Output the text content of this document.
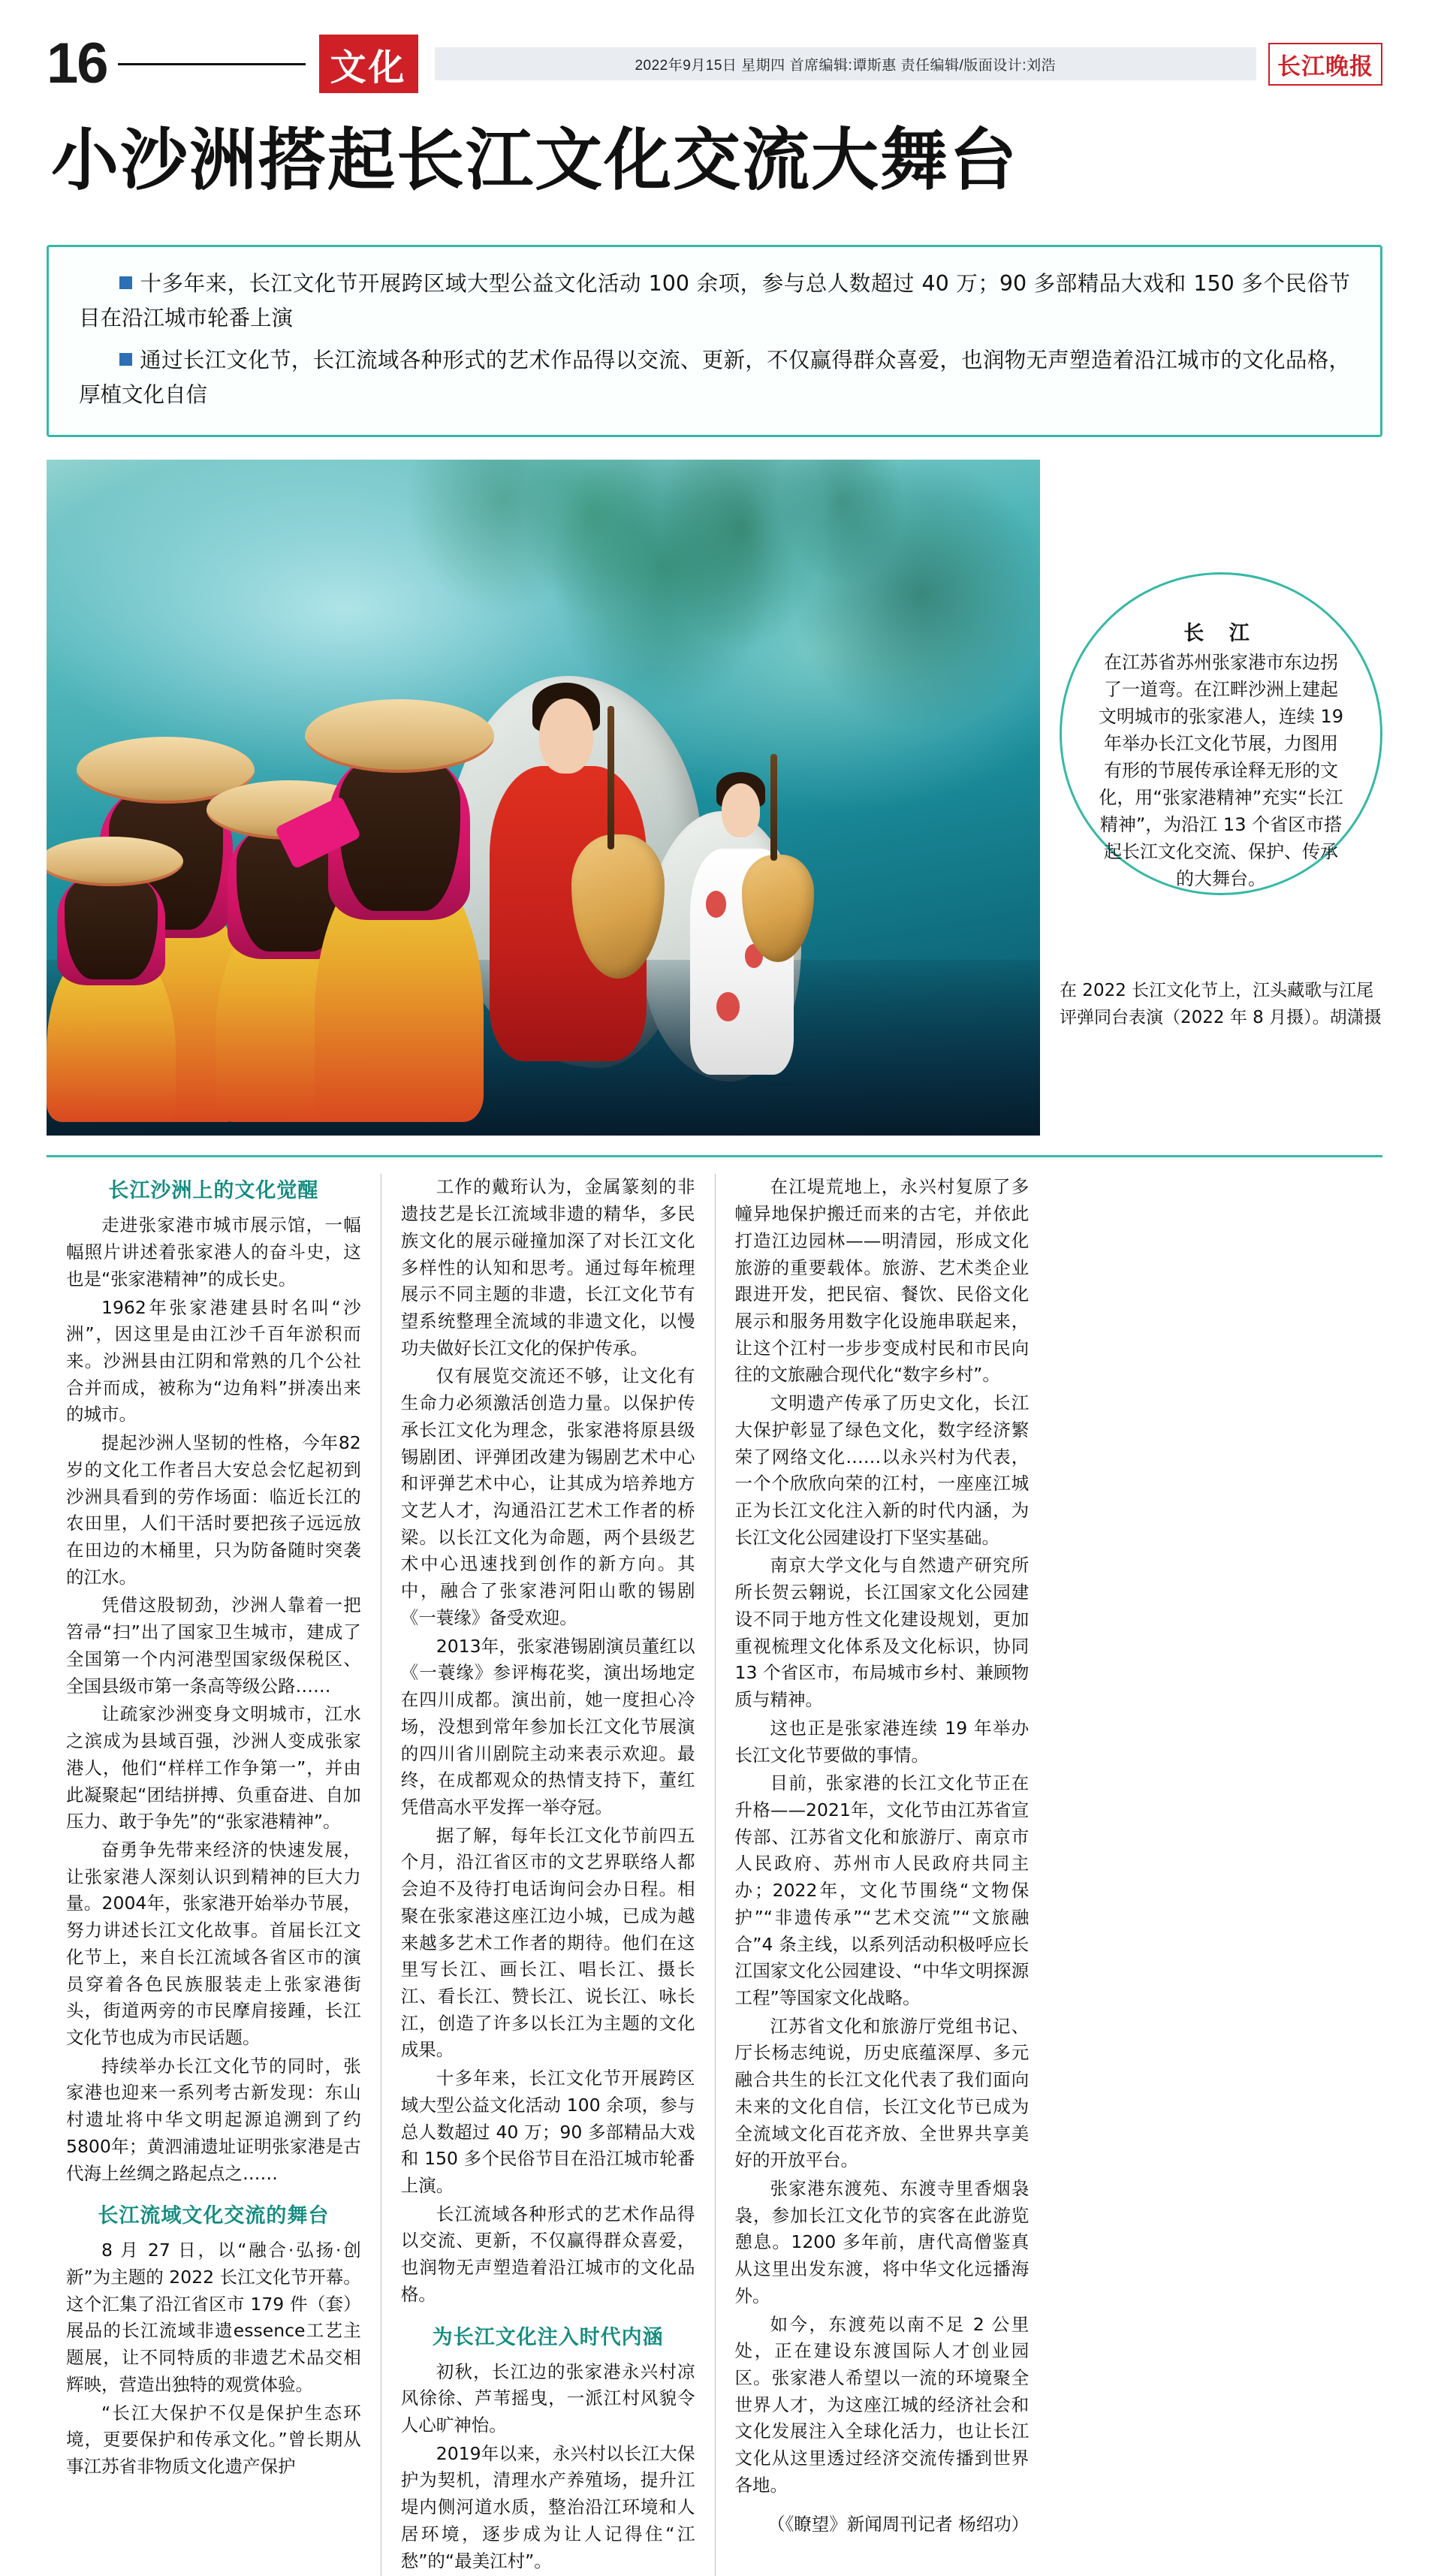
16	文化	2022年9月15日 星期四 首席编辑:谭斯惠 责任编辑/版面设计:刘浩	长江晚报
小沙洲搭起长江文化交流大舞台

十多年来，长江文化节开展跨区域大型公益文化活动 100 余项，参与总人数超过 40 万；90 多部精品大戏和 150 多个民俗节目在沿江城市轮番上演

通过长江文化节，长江流域各种形式的艺术作品得以交流、更新，不仅赢得群众喜爱，也润物无声塑造着沿江城市的文化品格，厚植文化自信

长 江
在江苏省苏州张家港市东边拐了一道弯。在江畔沙洲上建起文明城市的张家港人，连续 19 年举办长江文化节展，力图用有形的节展传承诠释无形的文化，用“张家港精神”充实“长江精神”，为沿江 13 个省区市搭起长江文化交流、保护、传承的大舞台。
在 2022 长江文化节上，江头藏歌与江尾评弹同台表演（2022 年 8 月摄）。胡潇摄
长江沙洲上的文化觉醒

走进张家港市城市展示馆，一幅幅照片讲述着张家港人的奋斗史，这也是“张家港精神”的成长史。

1962年张家港建县时名叫“沙洲”，因这里是由江沙千百年淤积而来。沙洲县由江阴和常熟的几个公社合并而成，被称为“边角料”拼凑出来的城市。

提起沙洲人坚韧的性格，今年82岁的文化工作者吕大安总会忆起初到沙洲具看到的劳作场面：临近长江的农田里，人们干活时要把孩子远远放在田边的木桶里，只为防备随时突袭的江水。

凭借这股韧劲，沙洲人靠着一把笤帚“扫”出了国家卫生城市，建成了全国第一个内河港型国家级保税区、全国县级市第一条高等级公路……

让疏家沙洲变身文明城市，江水之滨成为县域百强，沙洲人变成张家港人，他们“样样工作争第一”，并由此凝聚起“团结拼搏、负重奋进、自加压力、敢于争先”的“张家港精神”。

奋勇争先带来经济的快速发展，让张家港人深刻认识到精神的巨大力量。2004年，张家港开始举办节展，努力讲述长江文化故事。首届长江文化节上，来自长江流域各省区市的演员穿着各色民族服装走上张家港街头，街道两旁的市民摩肩接踵，长江文化节也成为市民话题。

持续举办长江文化节的同时，张家港也迎来一系列考古新发现：东山村遗址将中华文明起源追溯到了约5800年；黄泗浦遗址证明张家港是古代海上丝绸之路起点之……

长江流域文化交流的舞台

8 月 27 日，以“融合·弘扬·创新”为主题的 2022 长江文化节开幕。这个汇集了沿江省区市 179 件（套）展品的长江流域非遗essence工艺主题展，让不同特质的非遗艺术品交相辉映，营造出独特的观赏体验。

“长江大保护不仅是保护生态环境，更要保护和传承文化。”曾长期从事江苏省非物质文化遗产保护

工作的戴珩认为，金属篆刻的非遗技艺是长江流域非遗的精华，多民族文化的展示碰撞加深了对长江文化多样性的认知和思考。通过每年梳理展示不同主题的非遗，长江文化节有望系统整理全流域的非遗文化，以慢功夫做好长江文化的保护传承。

仅有展览交流还不够，让文化有生命力必须激活创造力量。以保护传承长江文化为理念，张家港将原县级锡剧团、评弹团改建为锡剧艺术中心和评弹艺术中心，让其成为培养地方文艺人才，沟通沿江艺术工作者的桥梁。以长江文化为命题，两个县级艺术中心迅速找到创作的新方向。其中，融合了张家港河阳山歌的锡剧《一蓑缘》备受欢迎。

2013年，张家港锡剧演员董红以《一蓑缘》参评梅花奖，演出场地定在四川成都。演出前，她一度担心冷场，没想到常年参加长江文化节展演的四川省川剧院主动来表示欢迎。最终，在成都观众的热情支持下，董红凭借高水平发挥一举夺冠。

据了解，每年长江文化节前四五个月，沿江省区市的文艺界联络人都会迫不及待打电话询问会办日程。相聚在张家港这座江边小城，已成为越来越多艺术工作者的期待。他们在这里写长江、画长江、唱长江、摄长江、看长江、赞长江、说长江、咏长江，创造了许多以长江为主题的文化成果。

十多年来，长江文化节开展跨区域大型公益文化活动 100 余项，参与总人数超过 40 万；90 多部精品大戏和 150 多个民俗节目在沿江城市轮番上演。

长江流域各种形式的艺术作品得以交流、更新，不仅赢得群众喜爱，也润物无声塑造着沿江城市的文化品格。

为长江文化注入时代内涵

初秋，长江边的张家港永兴村凉风徐徐、芦苇摇曳，一派江村风貌令人心旷神怡。

2019年以来，永兴村以长江大保护为契机，清理水产养殖场，提升江堤内侧河道水质，整治沿江环境和人居环境，逐步成为让人记得住“江愁”的“最美江村”。

在江堤荒地上，永兴村复原了多幢异地保护搬迁而来的古宅，并依此打造江边园林——明清园，形成文化旅游的重要载体。旅游、艺术类企业跟进开发，把民宿、餐饮、民俗文化展示和服务用数字化设施串联起来，让这个江村一步步变成村民和市民向往的文旅融合现代化“数字乡村”。

文明遗产传承了历史文化，长江大保护彰显了绿色文化，数字经济繁荣了网络文化……以永兴村为代表，一个个欣欣向荣的江村，一座座江城正为长江文化注入新的时代内涵，为长江文化公园建设打下坚实基础。

南京大学文化与自然遗产研究所所长贺云翱说，长江国家文化公园建设不同于地方性文化建设规划，更加重视梳理文化体系及文化标识，协同 13 个省区市，布局城市乡村、兼顾物质与精神。

这也正是张家港连续 19 年举办长江文化节要做的事情。

目前，张家港的长江文化节正在升格——2021年，文化节由江苏省宣传部、江苏省文化和旅游厅、南京市人民政府、苏州市人民政府共同主办；2022年，文化节围绕“文物保护”“非遗传承”“艺术交流”“文旅融合”4 条主线，以系列活动积极呼应长江国家文化公园建设、“中华文明探源工程”等国家文化战略。

江苏省文化和旅游厅党组书记、厅长杨志纯说，历史底蕴深厚、多元融合共生的长江文化代表了我们面向未来的文化自信，长江文化节已成为全流域文化百花齐放、全世界共享美好的开放平台。

张家港东渡苑、东渡寺里香烟袅袅，参加长江文化节的宾客在此游览憩息。1200 多年前，唐代高僧鉴真从这里出发东渡，将中华文化远播海外。

如今，东渡苑以南不足 2 公里处，正在建设东渡国际人才创业园区。张家港人希望以一流的环境聚全世界人才，为这座江城的经济社会和文化发展注入全球化活力，也让长江文化从这里透过经济交流传播到世界各地。

（《瞭望》新闻周刊记者 杨绍功）
